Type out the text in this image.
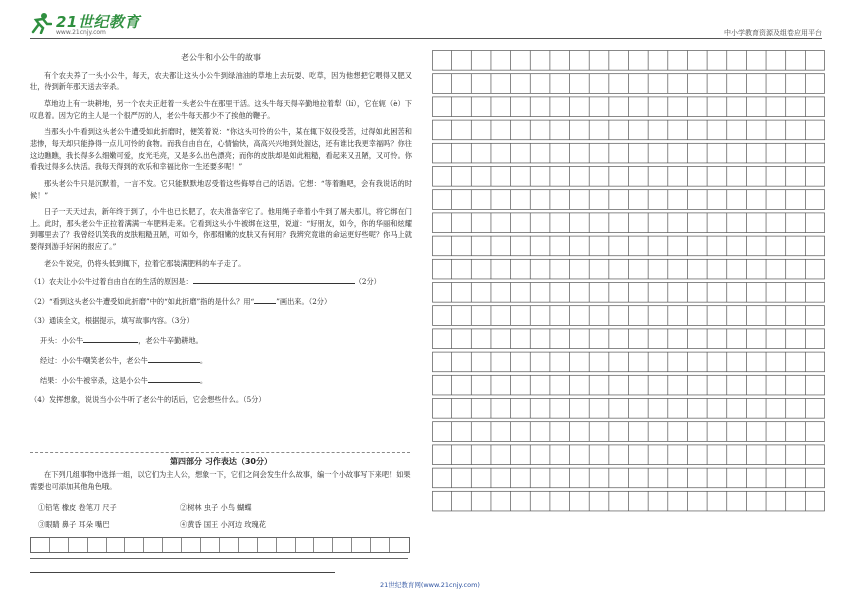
21世纪教育
www.21cnjy.com	中小学教育资源及组卷应用平台
老公牛和小公牛的故事

有个农夫养了一头小公牛，每天，农夫都让这头小公牛到绿油油的草地上去玩耍、吃草，因为他想把它喂得又肥又壮，待到新年那天送去宰杀。

草地边上有一块耕地，另一个农夫正赶着一头老公牛在那里干活。这头牛每天得辛勤地拉着犁（lí），它在轭（è）下叹息着。因为它的主人是一个很严厉的人，老公牛每天都少不了挨他的鞭子。

当那头小牛看到这头老公牛遭受如此折磨时，便笑着说：“你这头可怜的公牛，某在辄下奴役受苦，过得如此困苦和悲惨，每天却只能挣得一点儿可怜的食物。而我自由自在，心情愉快，高高兴兴地到处溜达，还有谁比我更幸福吗？你往这边瞧瞧，我长得多么细嫩可爱，皮光毛亮，又是多么出色漂亮；而你的皮肤却是如此粗糙，看起来又丑陋，又可怜。你看我过得多么快活。我每天得到的欢乐和幸福比你一生还要多呢！”

那头老公牛只是沉默着，一言不发。它只能默默地忍受着这些侮辱自己的话语。它想：“等着瞧吧，会有我说话的时候！”

日子一天天过去，新年终于到了，小牛也已长肥了，农夫准备宰它了。他用绳子牵着小牛到了屠夫那儿，将它绑在门上。此时，那头老公牛正拉着满满一车肥料走来。它看到这头小牛被绑在这里，说道：“好朋友，如今，你的华丽和炫耀到哪里去了？我曾经讥笑我的皮肤粗糙丑陋，可如今，你那细嫩的皮肤又有何用？我辨究竟谁的命运更好些呢？你马上就要得到游手好闲的报应了。”

老公牛说完，仍将头低到辄下，拉着它那装满肥料的车子走了。

（1）农夫让小公牛过着自由自在的生活的原因是：	（2分）
（2）“看到这头老公牛遭受如此折磨”中的“如此折磨”指的是什么？用“	”画出来。（2分）
（3）通读全文，根据提示，填写故事内容。（3分）
开头：小公牛	，老公牛辛勤耕地。
经过：小公牛嘲笑老公牛，老公牛	。
结果：小公牛被宰杀，这是小公牛	。
（4）发挥想象，说说当小公牛听了老公牛的话后，它会想些什么。（5分）
第四部分 习作表达（30分）
在下列几组事物中选择一组，以它们为主人公，想象一下，它们之间会发生什么故事，编一个小故事写下来吧！如果需要也可添加其他角色哦。
①铅笔 橡皮 卷笔刀 尺子	②树林 虫子 小鸟 蝴蝶
③眼睛 鼻子 耳朵 嘴巴	④黄昏 国王 小河边 玫瑰花
21世纪教育网(www.21cnjy.com)
